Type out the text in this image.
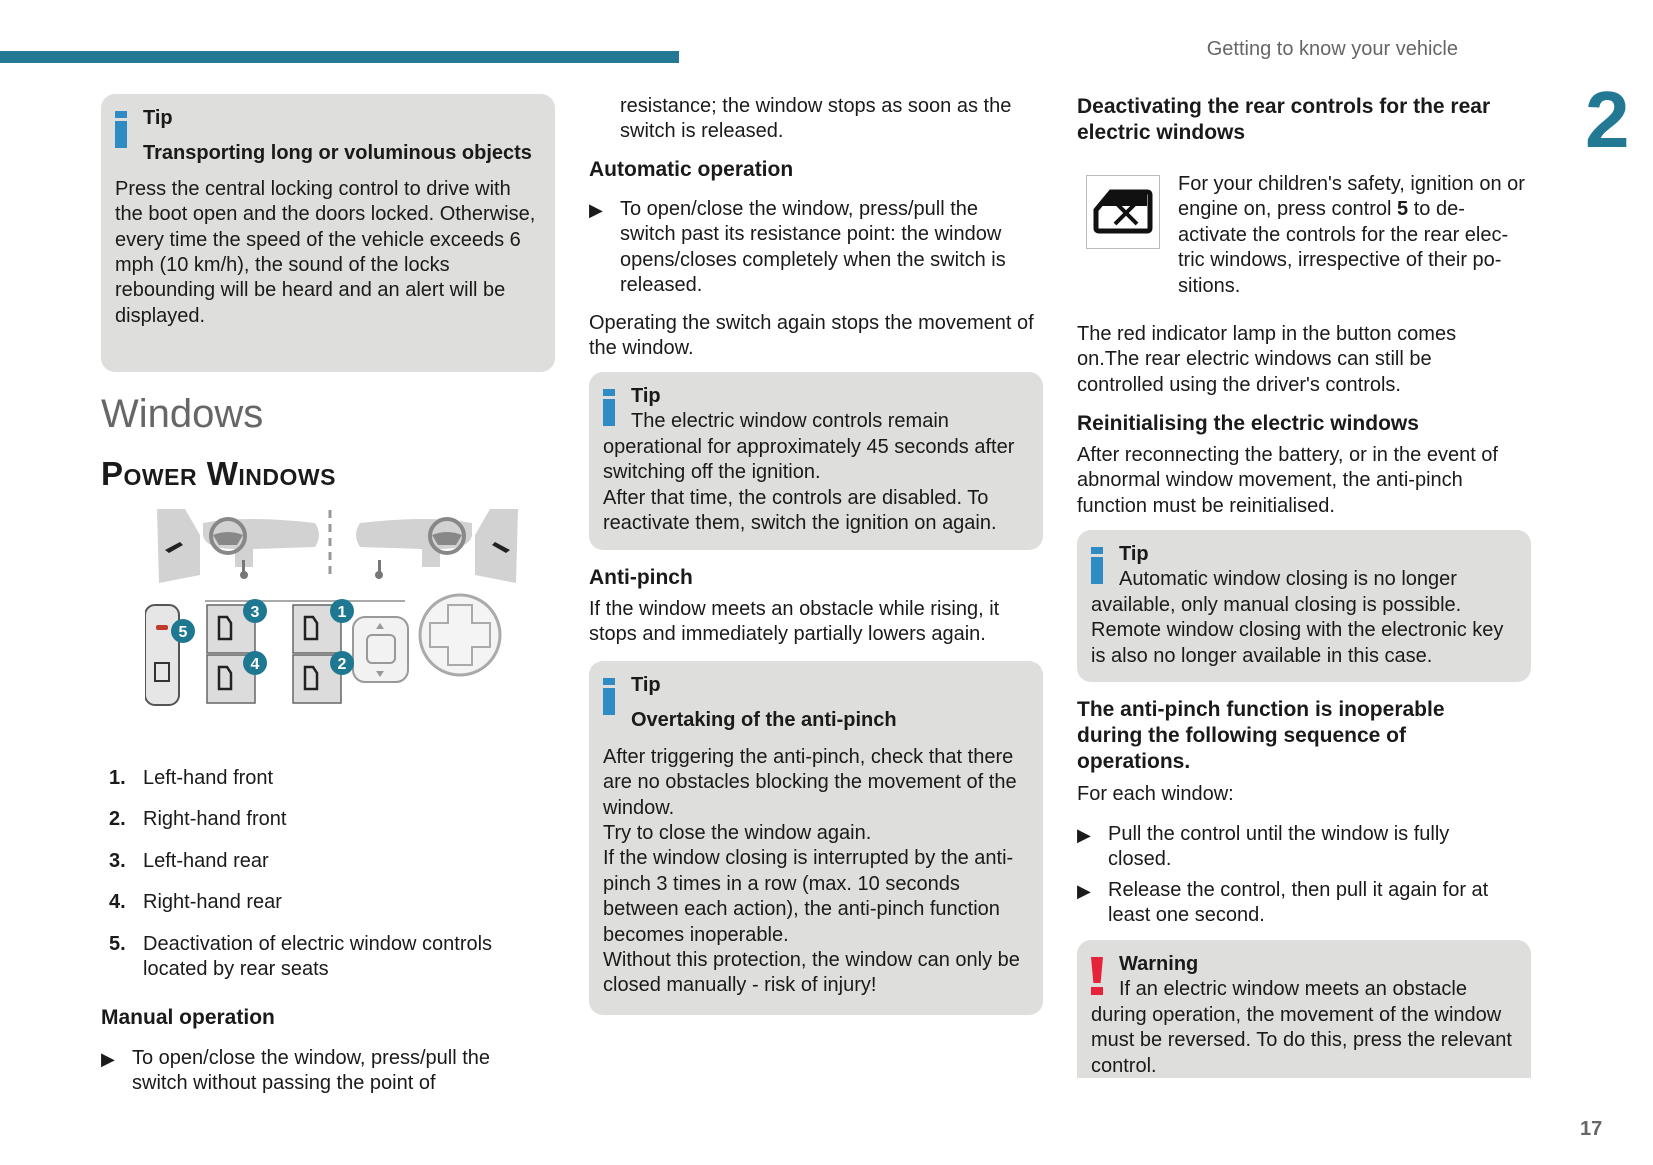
Getting to know your vehicle
2

Tip

Transporting long or voluminous objects

Press the central locking control to drive with the boot open and the doors locked. Otherwise, every time the speed of the vehicle exceeds 6 mph (10 km/h), the sound of the locks rebounding will be heard and an alert will be displayed.

Windows
Power Windows
3
4
1
2
5
1. Left-hand front
2. Right-hand front
3. Left-hand rear
4. Right-hand rear
5. Deactivation of electric window controls located by rear seats
Manual operation
▶ To open/close the window, press/pull the switch without passing the point of
resistance; the window stops as soon as the switch is released.
Automatic operation
▶ To open/close the window, press/pull the switch past its resistance point: the window opens/closes completely when the switch is released.
Operating the switch again stops the movement of the window.

Tip

The electric window controls remain

operational for approximately 45 seconds after switching off the ignition.

After that time, the controls are disabled. To reactivate them, switch the ignition on again.

Anti-pinch
If the window meets an obstacle while rising, it stops and immediately partially lowers again.

Tip

Overtaking of the anti-pinch

After triggering the anti-pinch, check that there are no obstacles blocking the movement of the window.

Try to close the window again.

If the window closing is interrupted by the anti-pinch 3 times in a row (max. 10 seconds between each action), the anti-pinch function becomes inoperable.

Without this protection, the window can only be closed manually - risk of injury!

Deactivating the rear controls for the rear electric windows
For your children's safety, ignition on or engine on, press control 5 to de-activate the controls for the rear elec-tric windows, irrespective of their po-sitions.
The red indicator lamp in the button comes on.The rear electric windows can still be controlled using the driver's controls.
Reinitialising the electric windows
After reconnecting the battery, or in the event of abnormal window movement, the anti-pinch function must be reinitialised.

Tip

Automatic window closing is no longer

available, only manual closing is possible. Remote window closing with the electronic key is also no longer available in this case.

The anti-pinch function is inoperable during the following sequence of operations.
For each window:
▶ Pull the control until the window is fully closed.
▶ Release the control, then pull it again for at least one second.

Warning

If an electric window meets an obstacle

during operation, the movement of the window must be reversed. To do this, press the relevant control.

17
